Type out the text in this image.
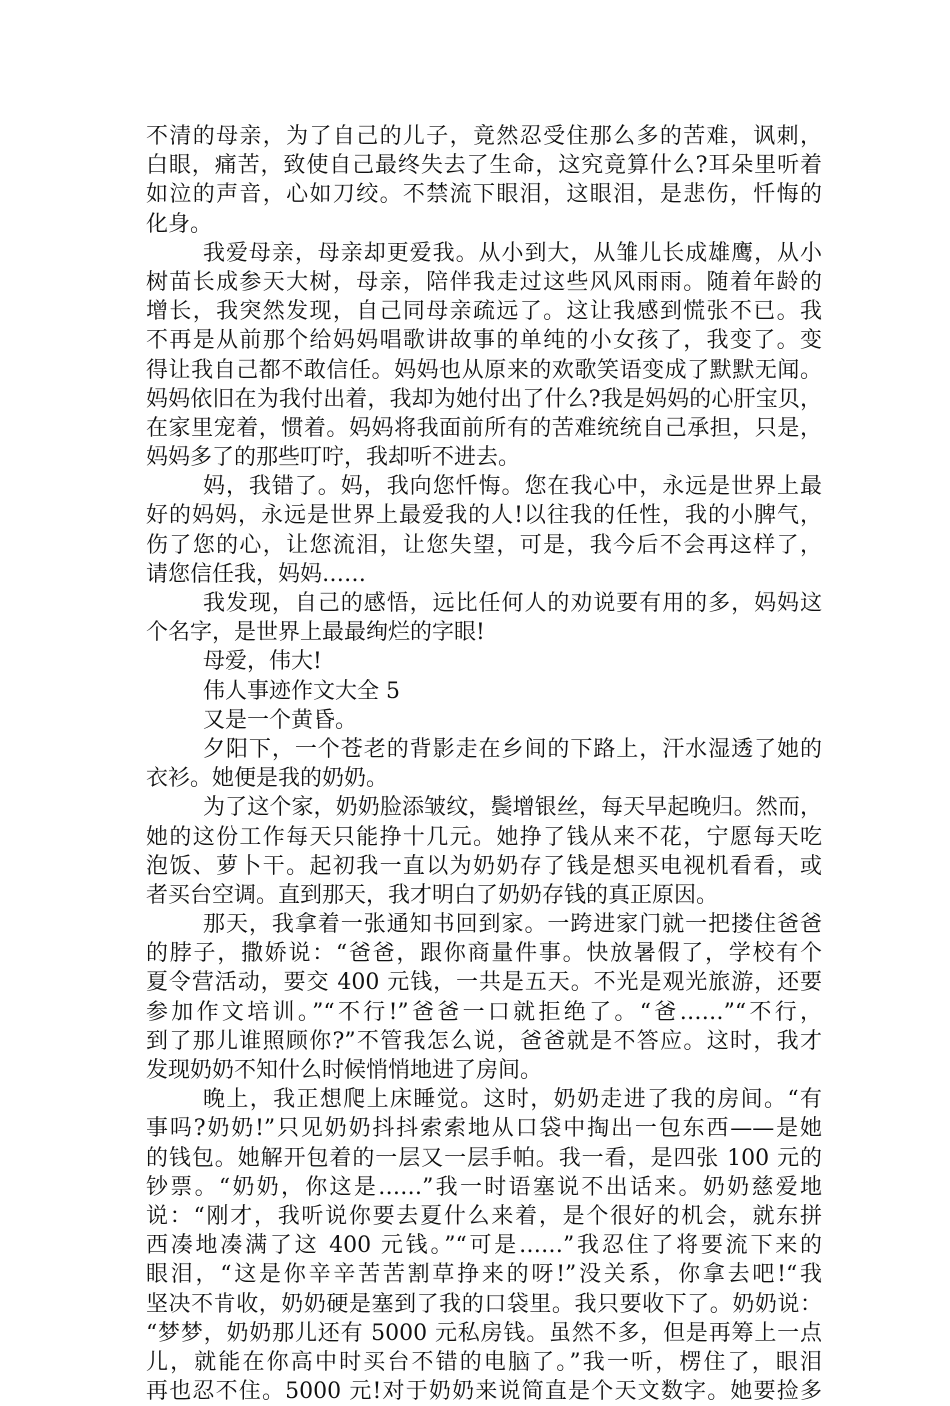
不清的母亲，为了自己的儿子，竟然忍受住那么多的苦难，讽刺，
白眼，痛苦，致使自己最终失去了生命，这究竟算什么?耳朵里听着
如泣的声音，心如刀绞。不禁流下眼泪，这眼泪，是悲伤，忏悔的
化身。
我爱母亲，母亲却更爱我。从小到大，从雏儿长成雄鹰，从小
树苗长成参天大树，母亲，陪伴我走过这些风风雨雨。随着年龄的
增长，我突然发现，自己同母亲疏远了。这让我感到慌张不已。我
不再是从前那个给妈妈唱歌讲故事的单纯的小女孩了，我变了。变
得让我自己都不敢信任。妈妈也从原来的欢歌笑语变成了默默无闻。
妈妈依旧在为我付出着，我却为她付出了什么?我是妈妈的心肝宝贝，
在家里宠着，惯着。妈妈将我面前所有的苦难统统自己承担，只是，
妈妈多了的那些叮咛，我却听不进去。
妈，我错了。妈，我向您忏悔。您在我心中，永远是世界上最
好的妈妈，永远是世界上最爱我的人!以往我的任性，我的小脾气，
伤了您的心，让您流泪，让您失望，可是，我今后不会再这样了，
请您信任我，妈妈……
我发现，自己的感悟，远比任何人的劝说要有用的多，妈妈这
个名字，是世界上最最绚烂的字眼!
母爱，伟大!
伟人事迹作文大全 5
又是一个黄昏。
夕阳下，一个苍老的背影走在乡间的下路上，汗水湿透了她的
衣衫。她便是我的奶奶。
为了这个家，奶奶脸添皱纹，鬓增银丝，每天早起晚归。然而，
她的这份工作每天只能挣十几元。她挣了钱从来不花，宁愿每天吃
泡饭、萝卜干。起初我一直以为奶奶存了钱是想买电视机看看，或
者买台空调。直到那天，我才明白了奶奶存钱的真正原因。
那天，我拿着一张通知书回到家。一跨进家门就一把搂住爸爸
的脖子，撒娇说：“爸爸，跟你商量件事。快放暑假了，学校有个
夏令营活动，要交 400 元钱，一共是五天。不光是观光旅游，还要
参加作文培训。”“不行!”爸爸一口就拒绝了。“爸……”“不行，
到了那儿谁照顾你?”不管我怎么说，爸爸就是不答应。这时，我才
发现奶奶不知什么时候悄悄地进了房间。
晚上，我正想爬上床睡觉。这时，奶奶走进了我的房间。“有
事吗?奶奶!”只见奶奶抖抖索索地从口袋中掏出一包东西——是她
的钱包。她解开包着的一层又一层手帕。我一看，是四张 100 元的
钞票。“奶奶，你这是……”我一时语塞说不出话来。奶奶慈爱地
说：“刚才，我听说你要去夏什么来着，是个很好的机会，就东拼
西凑地凑满了这 400 元钱。”“可是……”我忍住了将要流下来的
眼泪，“这是你辛辛苦苦割草挣来的呀!”没关系，你拿去吧!“我
坚决不肯收，奶奶硬是塞到了我的口袋里。我只要收下了。奶奶说：
“梦梦，奶奶那儿还有 5000 元私房钱。虽然不多，但是再筹上一点
儿，就能在你高中时买台不错的电脑了。”我一听，楞住了，眼泪
再也忍不住。5000 元!对于奶奶来说简直是个天文数字。她要捡多
